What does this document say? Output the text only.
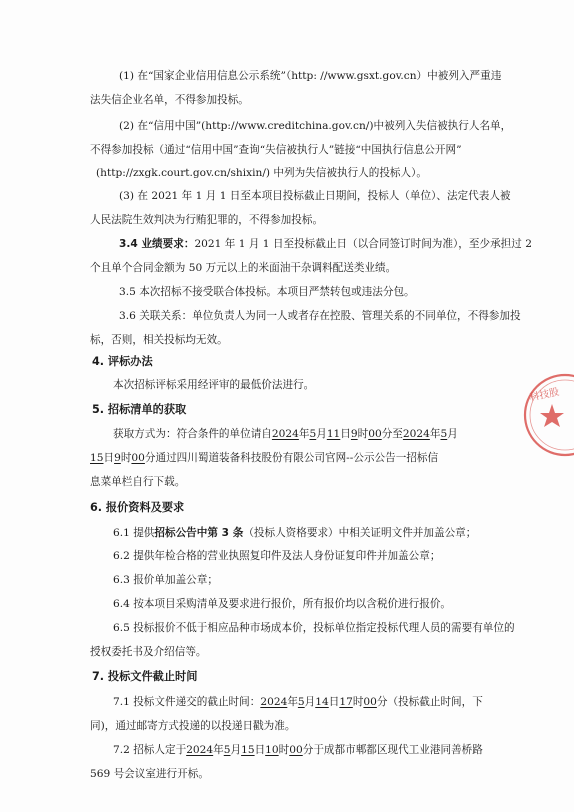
(1) 在“国家企业信用信息公示系统”（http: //www.gsxt.gov.cn）中被列入严重违
法失信企业名单，不得参加投标。
(2) 在“信用中国”(http://www.creditchina.gov.cn/)中被列入失信被执行人名单，
不得参加投标（通过“信用中国”查询“失信被执行人”链接“中国执行信息公开网”
(http://zxgk.court.gov.cn/shixin/) 中列为失信被执行人的投标人）。
(3) 在 2021 年 1 月 1 日至本项目投标截止日期间，投标人（单位）、法定代表人被
人民法院生效判决为行贿犯罪的，不得参加投标。
3.4 业绩要求：2021 年 1 月 1 日至投标截止日（以合同签订时间为准），至少承担过 2
个且单个合同金额为 50 万元以上的米面油干杂调料配送类业绩。
3.5 本次招标不接受联合体投标。本项目严禁转包或违法分包。
3.6 关联关系：单位负责人为同一人或者存在控股、管理关系的不同单位，不得参加投
标，否则，相关投标均无效。
4. 评标办法
本次招标评标采用经评审的最低价法进行。
5. 招标清单的获取
获取方式为：符合条件的单位请自2024年5月11日9时00分至2024年5月
15日9时00分通过四川蜀道装备科技股份有限公司官网--公示公告一招标信
息菜单栏自行下载。
6. 报价资料及要求
6.1 提供招标公告中第 3 条（投标人资格要求）中相关证明文件并加盖公章；
6.2 提供年检合格的营业执照复印件及法人身份证复印件并加盖公章；
6.3 报价单加盖公章；
6.4 按本项目采购清单及要求进行报价，所有报价均以含税价进行报价。
6.5 投标报价不低于相应品种市场成本价，投标单位指定投标代理人员的需要有单位的
授权委托书及介绍信等。
7. 投标文件截止时间
7.1 投标文件递交的截止时间：2024年5月14日17时00分（投标截止时间，下
同)，通过邮寄方式投递的以投递日戳为准。
7.2 招标人定于2024年5月15日10时00分于成都市郫都区现代工业港同善桥路
569 号会议室进行开标。
科技股
